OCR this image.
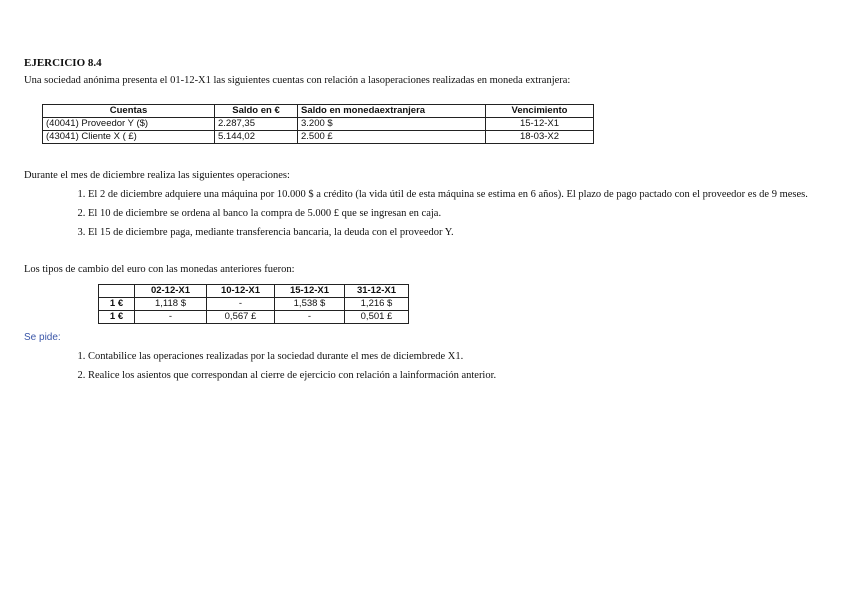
EJERCICIO 8.4
Una sociedad anónima presenta el 01-12-X1 las siguientes cuentas con relación a lasoperaciones realizadas en moneda extranjera:
Cuentas	Saldo en €	Saldo en monedaextranjera	Vencimiento
(40041) Proveedor Y ($)	2.287,35	3.200 $	15-12-X1
(43041) Cliente X ( £)	5.144,02	2.500 £	18-03-X2
Durante el mes de diciembre realiza las siguientes operaciones:
1. El 2 de diciembre adquiere una máquina por 10.000 $ a crédito (la vida útil de esta máquina se estima en 6 años). El plazo de pago pactado con el proveedor es de 9 meses.
2. El 10 de diciembre se ordena al banco la compra de 5.000 £ que se ingresan en caja.
3. El 15 de diciembre paga, mediante transferencia bancaria, la deuda con el proveedor Y.
Los tipos de cambio del euro con las monedas anteriores fueron:
	02-12-X1	10-12-X1	15-12-X1	31-12-X1
1 €	1,118 $	-	1,538 $	1,216 $
1 €	-	0,567 £	-	0,501 £
Se pide:
1. Contabilice las operaciones realizadas por la sociedad durante el mes de diciembrede X1.
2. Realice los asientos que correspondan al cierre de ejercicio con relación a lainformación anterior.
